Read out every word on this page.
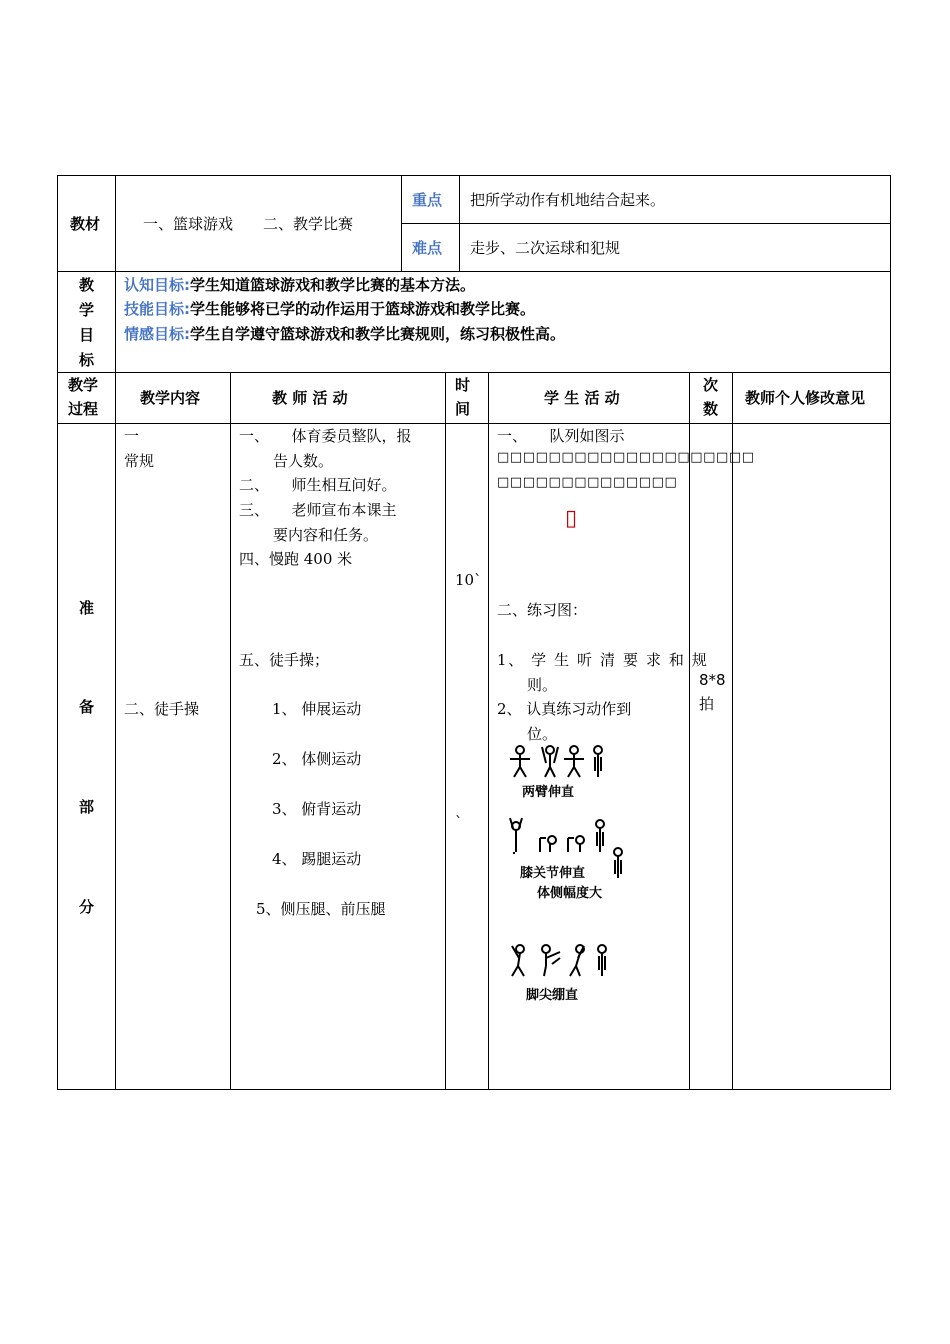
教材	一、篮球游戏　　二、教学比赛
重点 把所学动作有机地结合起来。
难点 走步、二次运球和犯规
教
学
目
标
认知目标:学生知道篮球游戏和教学比赛的基本方法。
技能目标:学生能够将已学的动作运用于篮球游戏和教学比赛。
情感目标:学生自学遵守篮球游戏和教学比赛规则，练习积极性高。
教学
过程
教学内容	教 师 活 动
时
间
学 生 活 动
次
数
教师个人修改意见
准
备
部
分
一
常规
二、徒手操
一、　　体育委员整队，报
告人数。
二、　　师生相互问好。
三、　　老师宣布本课主
要内容和任务。
四、慢跑 400 米
五、徒手操；
1、 伸展运动
2、 体侧运动
3、 俯背运动
4、 踢腿运动
5、侧压腿、前压腿
10`
`
一、　　队列如图示
□□□□□□□□□□□□□□□□□□□□
□□□□□□□□□□□□□□
▯
二、练习图：
1、 学 生 听 清 要 求 和 规
则。
2、 认真练习动作到
位。
两臂伸直
膝关节伸直
体侧幅度大
脚尖绷直
8*8
拍
